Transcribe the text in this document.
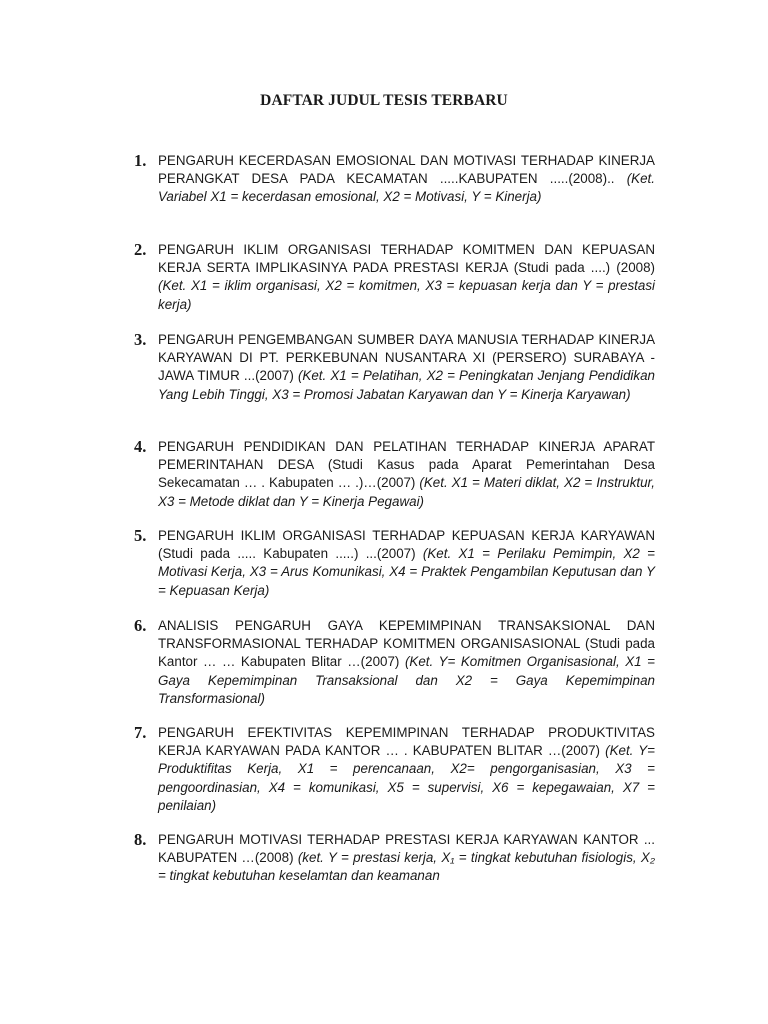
DAFTAR JUDUL TESIS TERBARU
1. PENGARUH KECERDASAN EMOSIONAL DAN MOTIVASI TERHADAP KINERJA PERANGKAT DESA PADA KECAMATAN .....KABUPATEN .....(2008).. (Ket. Variabel X1 = kecerdasan emosional, X2 = Motivasi, Y = Kinerja)

2. PENGARUH IKLIM ORGANISASI TERHADAP KOMITMEN DAN KEPUASAN KERJA SERTA IMPLIKASINYA PADA PRESTASI KERJA (Studi pada ....) (2008) (Ket. X1 = iklim organisasi, X2 = komitmen, X3 = kepuasan kerja dan Y = prestasi kerja)

3. PENGARUH PENGEMBANGAN SUMBER DAYA MANUSIA TERHADAP KINERJA KARYAWAN DI PT. PERKEBUNAN NUSANTARA XI (PERSERO) SURABAYA - JAWA TIMUR ...(2007) (Ket. X1 = Pelatihan, X2 = Peningkatan Jenjang Pendidikan Yang Lebih Tinggi, X3 = Promosi Jabatan Karyawan dan Y = Kinerja Karyawan)

4. PENGARUH PENDIDIKAN DAN PELATIHAN TERHADAP KINERJA APARAT PEMERINTAHAN DESA (Studi Kasus pada Aparat Pemerintahan Desa Sekecamatan … . Kabupaten … .)…(2007) (Ket. X1 = Materi diklat, X2 = Instruktur, X3 = Metode diklat dan Y = Kinerja Pegawai)

5. PENGARUH IKLIM ORGANISASI TERHADAP KEPUASAN KERJA KARYAWAN (Studi pada ..... Kabupaten .....) ...(2007) (Ket. X1 = Perilaku Pemimpin, X2 = Motivasi Kerja, X3 = Arus Komunikasi, X4 = Praktek Pengambilan Keputusan dan Y = Kepuasan Kerja)

6. ANALISIS PENGARUH GAYA KEPEMIMPINAN TRANSAKSIONAL DAN TRANSFORMASIONAL TERHADAP KOMITMEN ORGANISASIONAL (Studi pada Kantor … … Kabupaten Blitar …(2007) (Ket. Y= Komitmen Organisasional, X1 = Gaya Kepemimpinan Transaksional dan X2 = Gaya Kepemimpinan Transformasional)

7. PENGARUH EFEKTIVITAS KEPEMIMPINAN TERHADAP PRODUKTIVITAS KERJA KARYAWAN PADA KANTOR … . KABUPATEN BLITAR …(2007) (Ket. Y= Produktifitas Kerja, X1 = perencanaan, X2= pengorganisasian, X3 = pengoordinasian, X4 = komunikasi, X5 = supervisi, X6 = kepegawaian, X7 = penilaian)

8. PENGARUH MOTIVASI TERHADAP PRESTASI KERJA KARYAWAN KANTOR ... KABUPATEN …(2008) (ket. Y = prestasi kerja, X₁ = tingkat kebutuhan fisiologis, X₂ = tingkat kebutuhan keselamtan dan keamanan
